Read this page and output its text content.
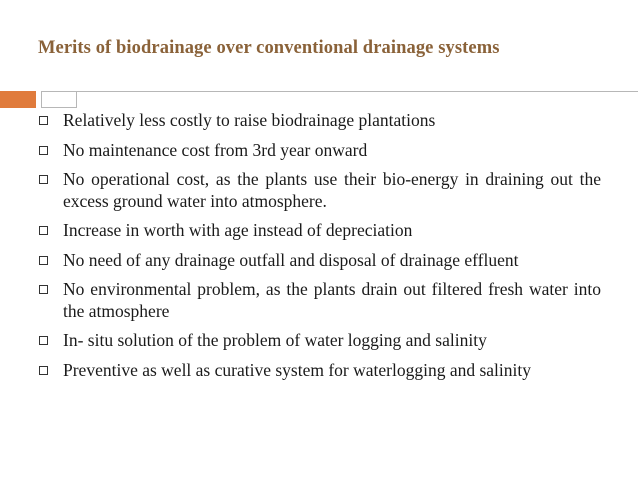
Merits of biodrainage over conventional drainage systems
Relatively less costly to raise biodrainage plantations
No maintenance cost from 3rd year onward
No operational cost, as the plants use their bio-energy in draining out the excess ground water into atmosphere.
Increase in worth with age instead of depreciation
No need of any drainage outfall and disposal of drainage effluent
No environmental problem, as the plants drain out filtered fresh water into the atmosphere
In- situ solution of the problem of water logging and salinity
Preventive as well as curative system for waterlogging and salinity
